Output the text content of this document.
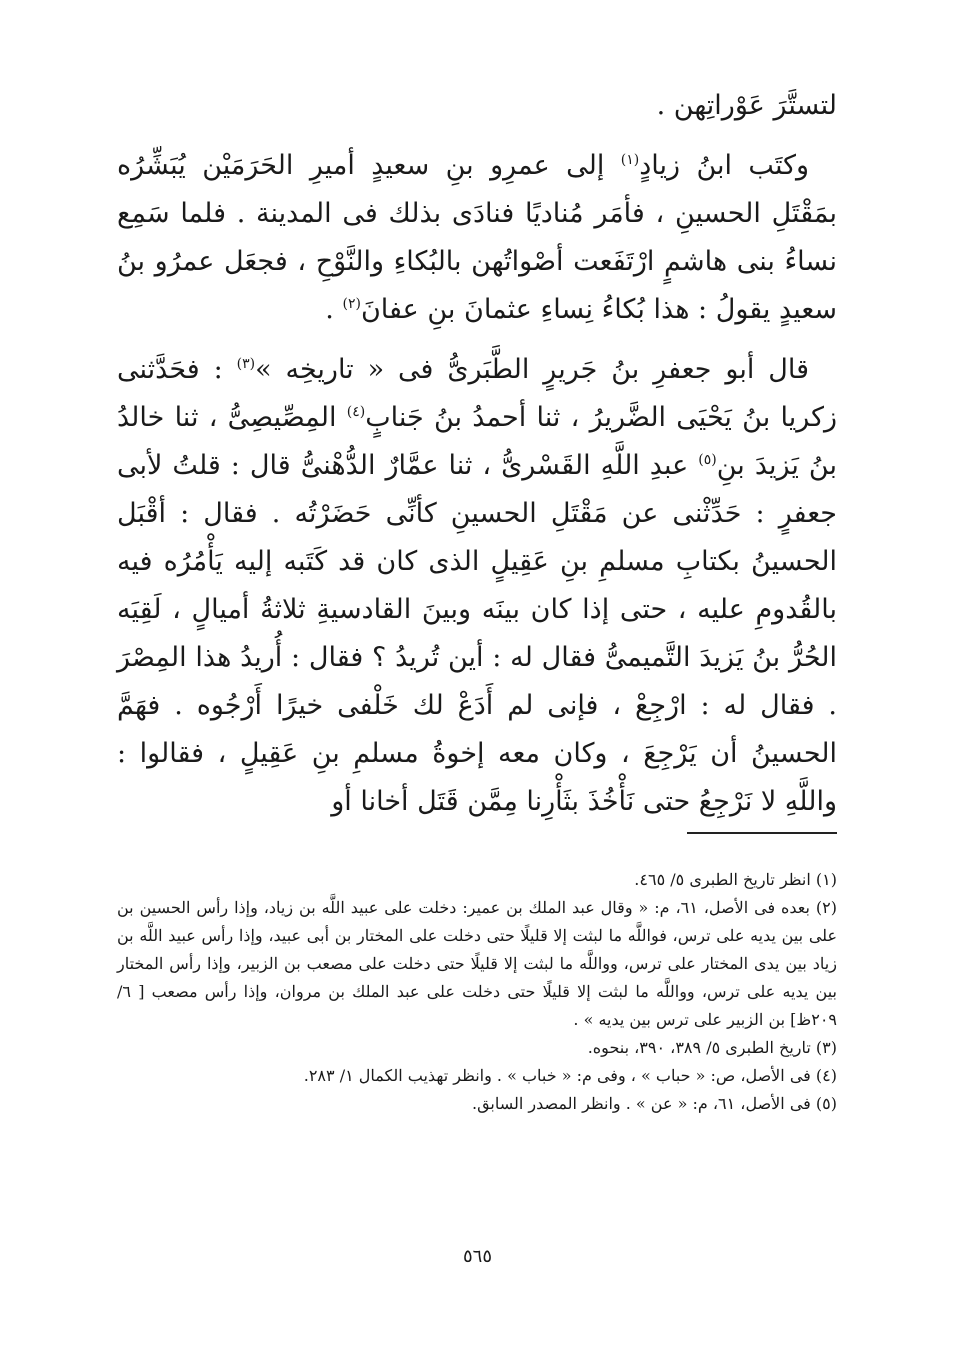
لتستَّرَ عَوْراتِهن .

وكتَب ابنُ زيادٍ$^{(١)}$ إلى عمرِو بنِ سعيدٍ أميرِ الحَرَمَيْن يُبَشِّرُه بمَقْتَلِ الحسينِ ، فأمَر مُناديًا فنادَى بذلك فى المدينة . فلما سَمِع نساءُ بنى هاشمٍ ارْتَفَعت أصْواتُهن بالبُكاءِ والنَّوْحِ ، فجعَل عمرُو بنُ سعيدٍ يقولُ : هذا بُكاءُ نِساءِ عثمانَ بنِ عفانَ$^{(٢)}$ .

قال أبو جعفرِ بنُ جَريرٍ الطَّبَرىُّ فى « تاريخِه »$^{(٣)}$ : فحَدَّثنى زكريا بنُ يَحْيَى الضَّريرُ ، ثنا أحمدُ بنُ جَنابٍ$^{(٤)}$ المِصِّيصِىُّ ، ثنا خالدُ بنُ يَزيدَ بنِ$^{(٥)}$ عبدِ اللَّهِ القَسْرىُّ ، ثنا عمَّارٌ الدُّهْنىُّ قال : قلتُ لأبى جعفرٍ : حَدِّثْنى عن مَقْتَلِ الحسينِ كأنِّى حَضَرْتُه . فقال : أقْبَل الحسينُ بكتابِ مسلمِ بنِ عَقِيلٍ الذى كان قد كَتَبه إليه يَأْمُرُه فيه بالقُدومِ عليه ، حتى إذا كان بينَه وبينَ القادسيةِ ثلاثةُ أميالٍ ، لَقِيَه الحُرُّ بنُ يَزيدَ التَّميمىُّ فقال له : أين تُريدُ ؟ فقال : أُريدُ هذا المِصْرَ . فقال له : ارْجِعْ ، فإنى لم أَدَعْ لك خَلْفى خيرًا أَرْجُوه . فهَمَّ الحسينُ أن يَرْجِعَ ، وكان معه إخوةُ مسلمِ بنِ عَقِيلٍ ، فقالوا : واللَّهِ لا نَرْجِعُ حتى نَأْخُذَ بثَأْرِنا مِمَّن قَتَل أخانا أو

(١) انظر تاريخ الطبرى ٥/ ٤٦٥.

(٢) بعده فى الأصل، ٦١، م: « وقال عبد الملك بن عمير: دخلت على عبيد اللَّه بن زياد، وإذا رأس الحسين بن على بين يديه على ترس، فواللَّه ما لبثت إلا قليلًا حتى دخلت على المختار بن أبى عبيد، وإذا رأس عبيد اللَّه بن زياد بين يدى المختار على ترس، وواللَّه ما لبثت إلا قليلًا حتى دخلت على مصعب بن الزبير، وإذا رأس المختار بين يديه على ترس، وواللَّه ما لبثت إلا قليلًا حتى دخلت على عبد الملك بن مروان، وإذا رأس مصعب [ ٦/ ٢٠٩ظ] بن الزبير على ترس بين يديه » .

(٣) تاريخ الطبرى ٥/ ٣٨٩، ٣٩٠، بنحوه.

(٤) فى الأصل، ص: « حباب » ، وفى م: « خباب » . وانظر تهذيب الكمال ١/ ٢٨٣.

(٥) فى الأصل، ٦١، م: « عن » . وانظر المصدر السابق.

٥٦٥
